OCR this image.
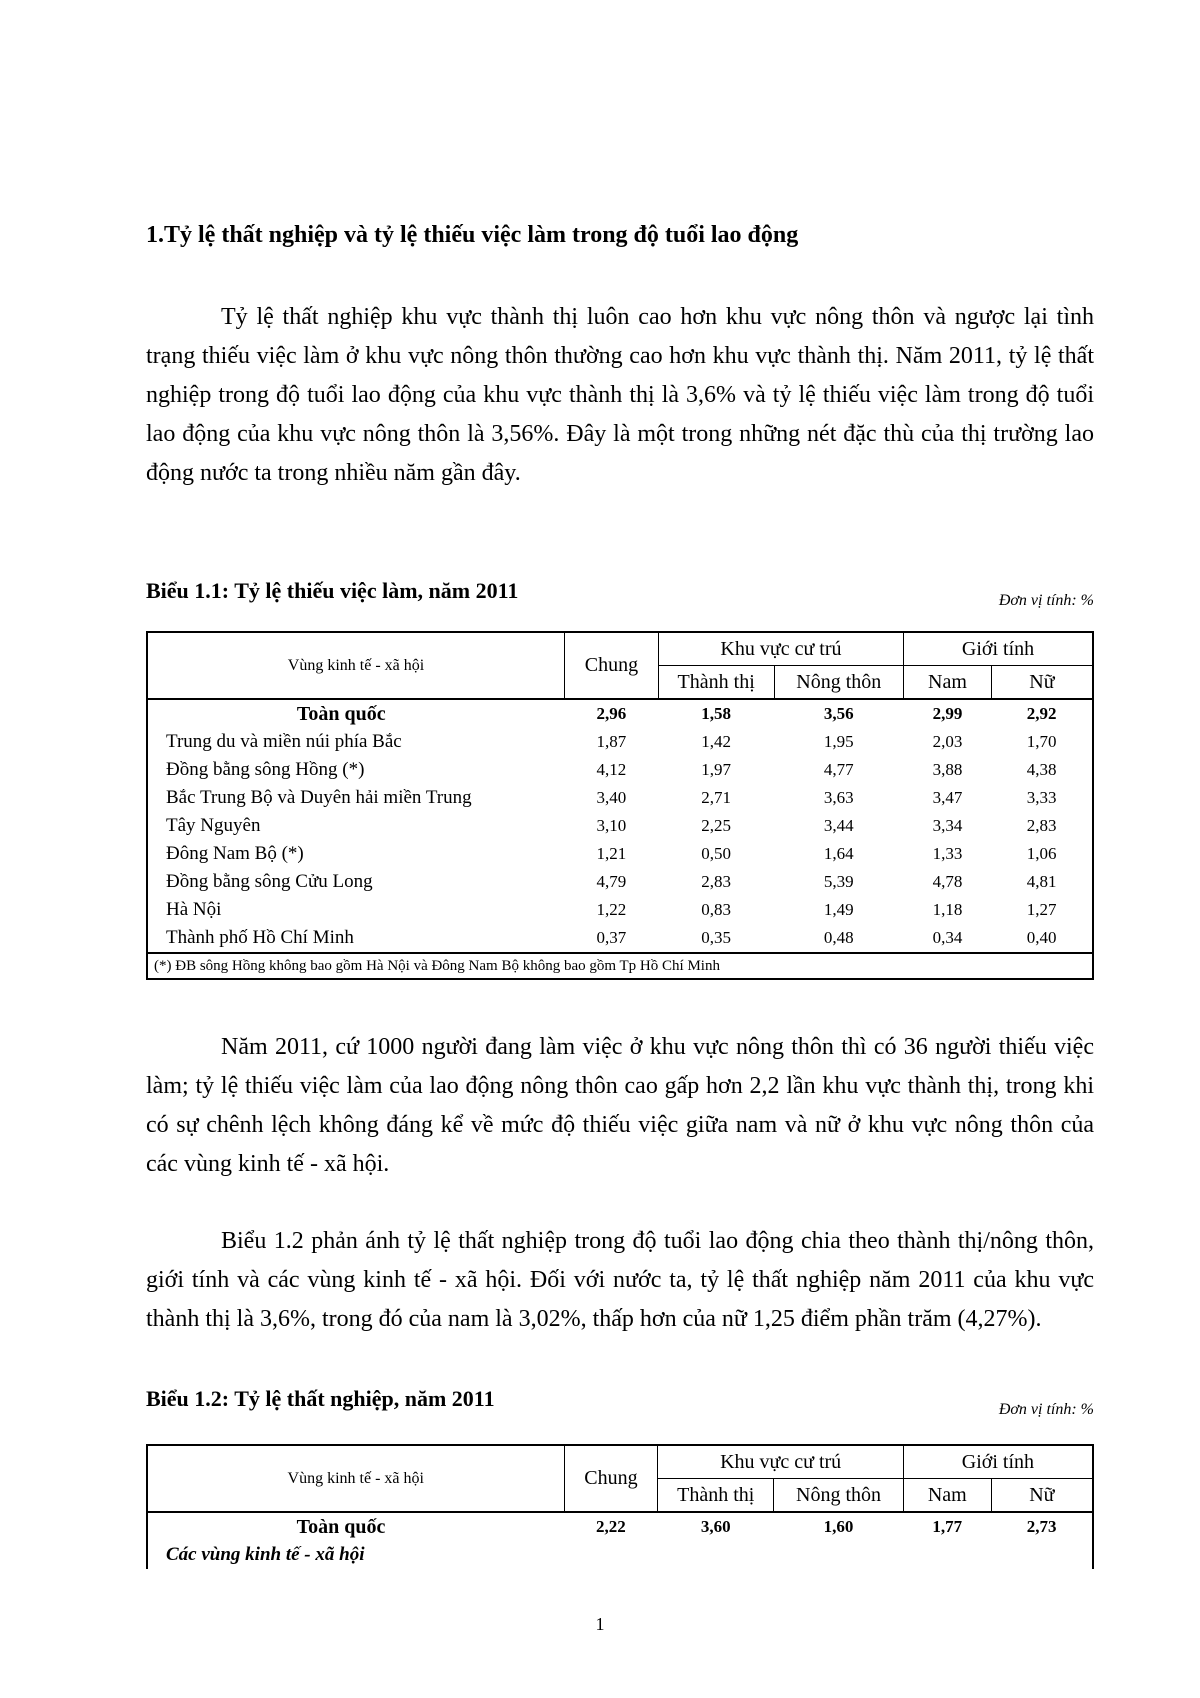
1.Tỷ lệ thất nghiệp và tỷ lệ thiếu việc làm trong độ tuổi lao động

Tỷ lệ thất nghiệp khu vực thành thị luôn cao hơn khu vực nông thôn và ngược lại tình trạng thiếu việc làm ở khu vực nông thôn thường cao hơn khu vực thành thị. Năm 2011, tỷ lệ thất nghiệp trong độ tuổi lao động của khu vực thành thị là 3,6% và tỷ lệ thiếu việc làm trong độ tuổi lao động của khu vực nông thôn là 3,56%. Đây là một trong những nét đặc thù của thị trường lao động nước ta trong nhiều năm gần đây.

Biểu 1.1: Tỷ lệ thiếu việc làm, năm 2011	Đơn vị tính: %
Vùng kinh tế - xã hội	Chung	Khu vực cư trú		Giới tính	
		Thành thị	Nông thôn	Nam	Nữ
Toàn quốc	2,96	1,58	3,56	2,99	2,92
Trung du và miền núi phía Bắc	1,87	1,42	1,95	2,03	1,70
Đồng bằng sông Hồng (*)	4,12	1,97	4,77	3,88	4,38
Bắc Trung Bộ và Duyên hải miền Trung	3,40	2,71	3,63	3,47	3,33
Tây Nguyên	3,10	2,25	3,44	3,34	2,83
Đông Nam Bộ (*)	1,21	0,50	1,64	1,33	1,06
Đồng bằng sông Cửu Long	4,79	2,83	5,39	4,78	4,81
Hà Nội	1,22	0,83	1,49	1,18	1,27
Thành phố Hồ Chí Minh	0,37	0,35	0,48	0,34	0,40
(*) ĐB sông Hồng không bao gồm Hà Nội và Đông Nam Bộ không bao gồm Tp Hồ Chí Minh					

Năm 2011, cứ 1000 người đang làm việc ở khu vực nông thôn thì có 36 người thiếu việc làm; tỷ lệ thiếu việc làm của lao động nông thôn cao gấp hơn 2,2 lần khu vực thành thị, trong khi có sự chênh lệch không đáng kể về mức độ thiếu việc giữa nam và nữ ở khu vực nông thôn của các vùng kinh tế - xã hội.

Biểu 1.2 phản ánh tỷ lệ thất nghiệp trong độ tuổi lao động chia theo thành thị/nông thôn, giới tính và các vùng kinh tế - xã hội. Đối với nước ta, tỷ lệ thất nghiệp năm 2011 của khu vực thành thị là 3,6%, trong đó của nam là 3,02%, thấp hơn của nữ 1,25 điểm phần trăm (4,27%).

Biểu 1.2: Tỷ lệ thất nghiệp, năm 2011	Đơn vị tính: %
Vùng kinh tế - xã hội	Chung	Khu vực cư trú		Giới tính	
		Thành thị	Nông thôn	Nam	Nữ
Toàn quốc	2,22	3,60	1,60	1,77	2,73
Các vùng kinh tế - xã hội					
1
